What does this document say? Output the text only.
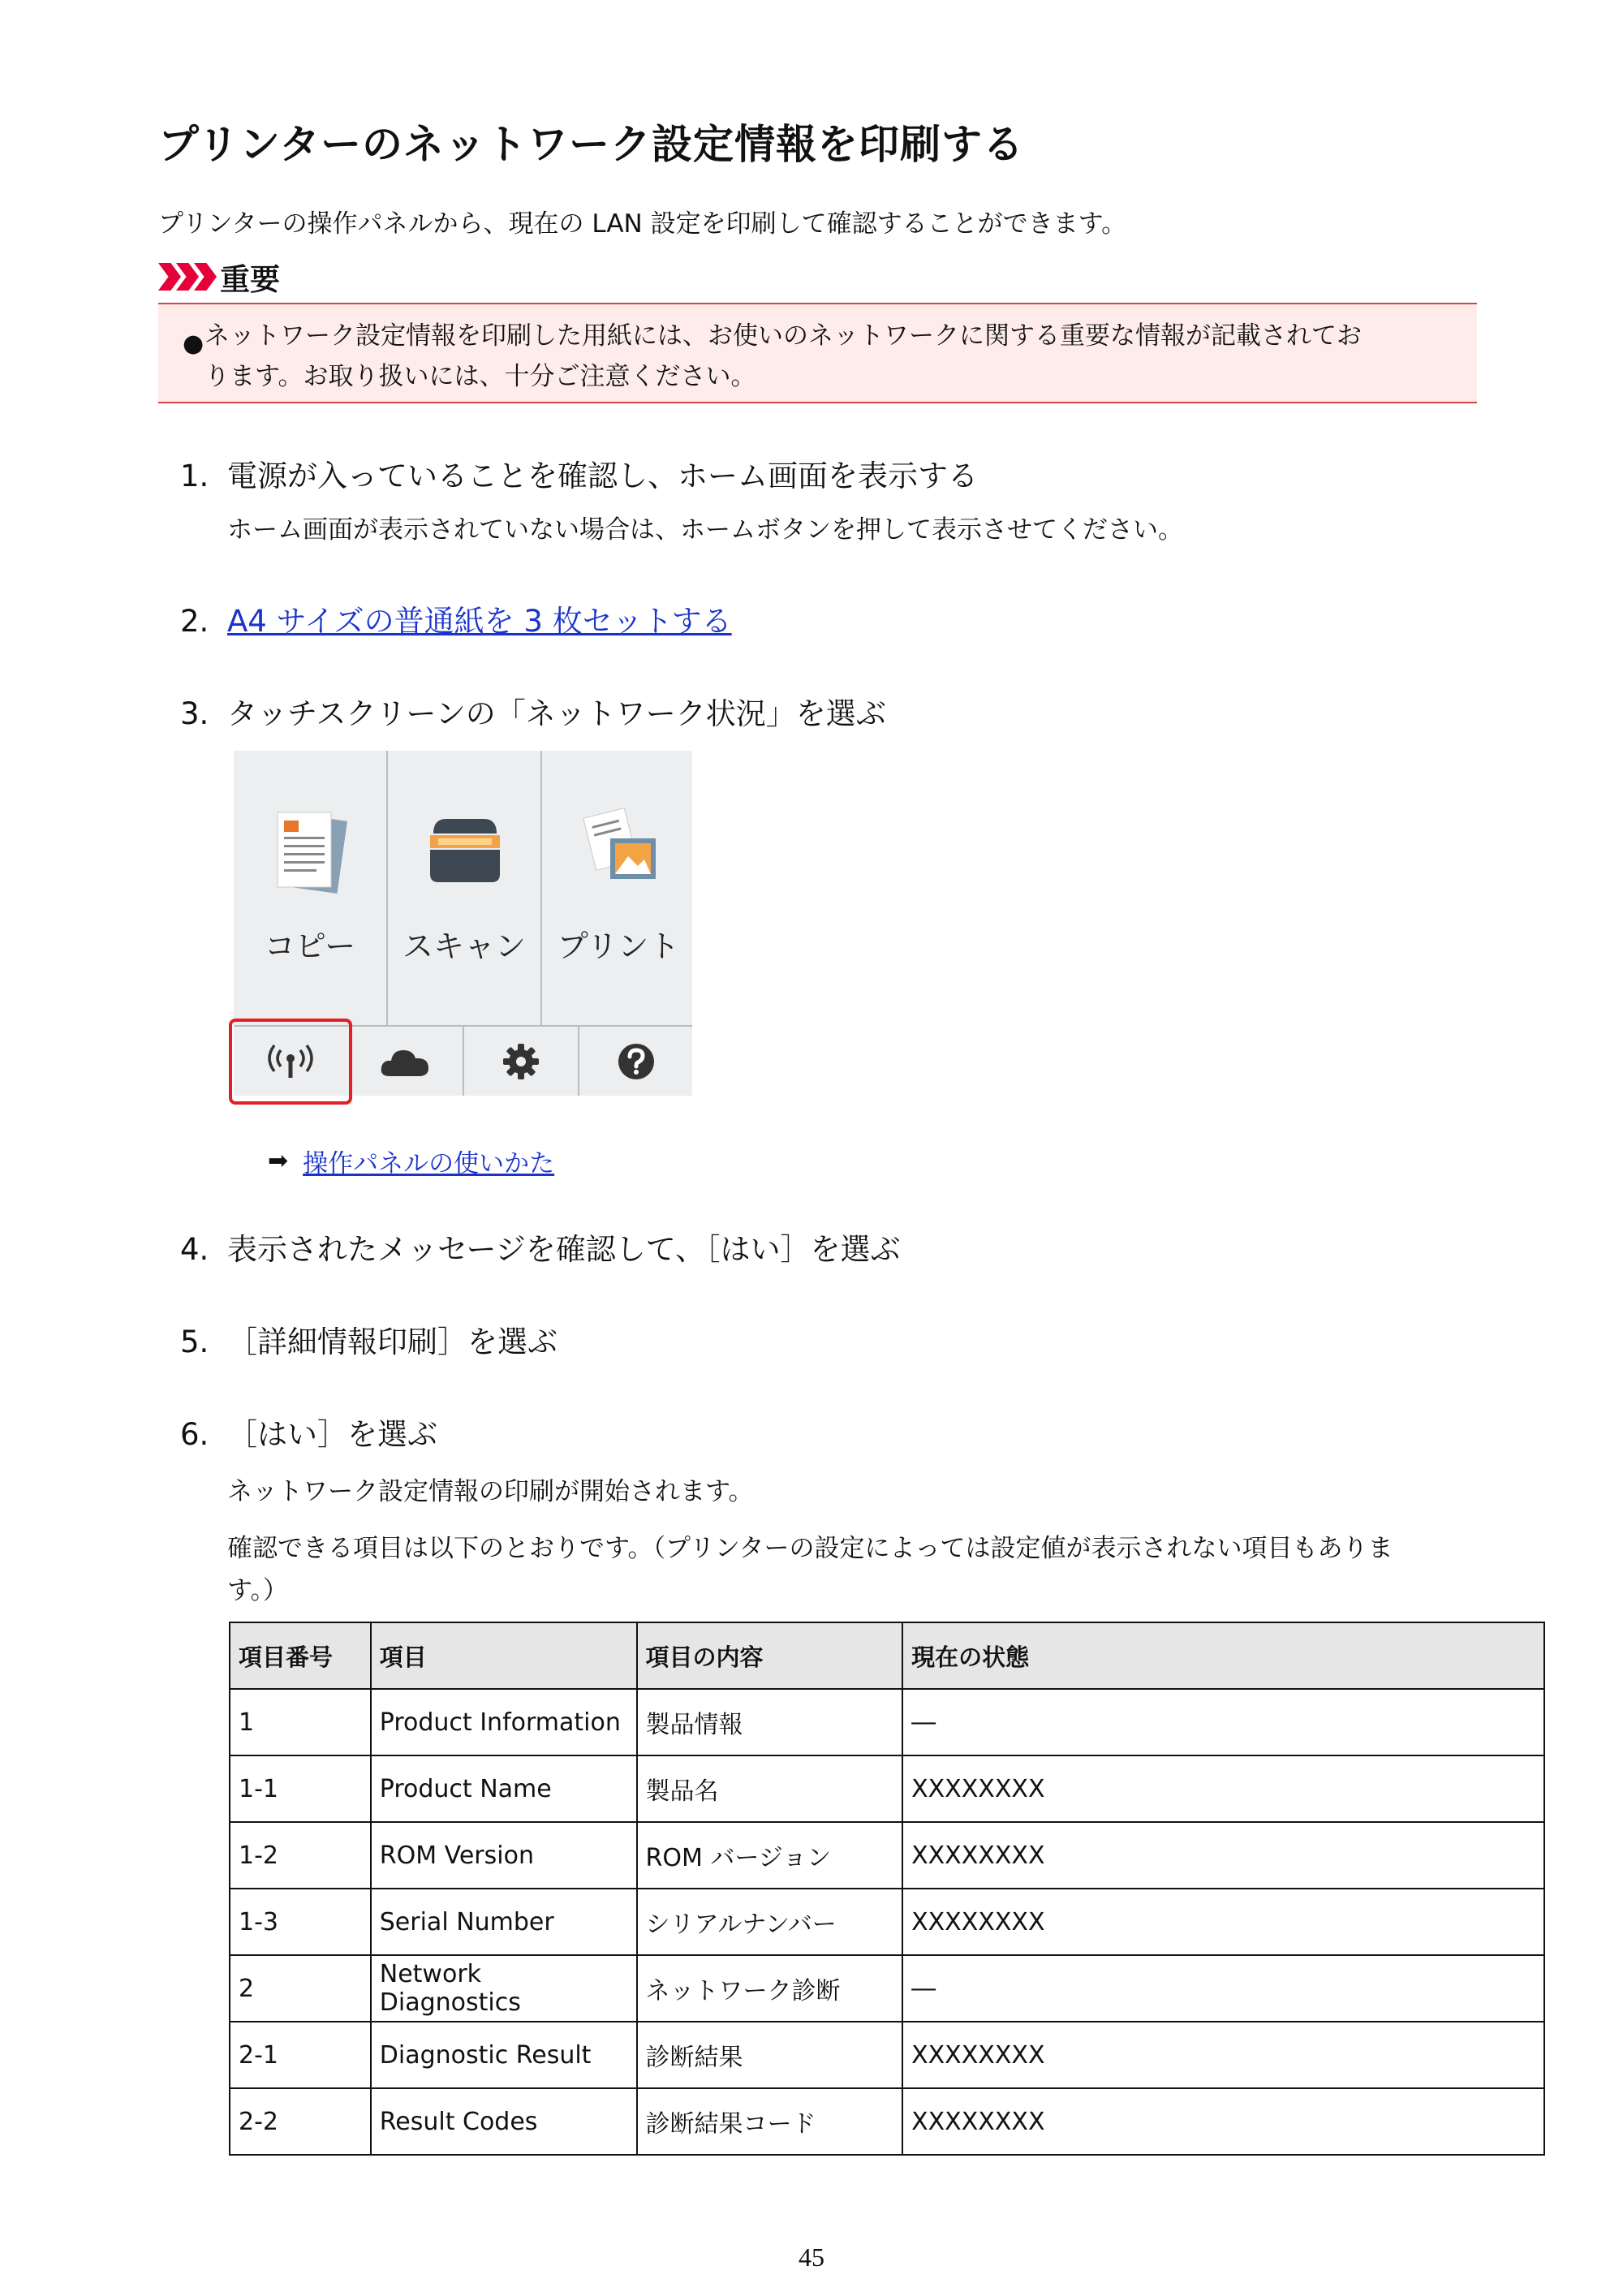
プリンターのネットワーク設定情報を印刷する
プリンターの操作パネルから、現在の LAN 設定を印刷して確認することができます。
重要
● ネットワーク設定情報を印刷した用紙には、お使いのネットワークに関する重要な情報が記載されてお
ります。お取り扱いには、十分ご注意ください。
1. 電源が入っていることを確認し、ホーム画面を表示する
ホーム画面が表示されていない場合は、ホームボタンを押して表示させてください。
2. A4 サイズの普通紙を 3 枚セットする
3. タッチスクリーンの「ネットワーク状況」を選ぶ
コピー	スキャン	プリント
➡ 操作パネルの使いかた
4. 表示されたメッセージを確認して、［はい］を選ぶ
5. ［詳細情報印刷］を選ぶ
6. ［はい］を選ぶ
ネットワーク設定情報の印刷が開始されます。
確認できる項目は以下のとおりです。（プリンターの設定によっては設定値が表示されない項目もありま
す。）
項目番号	項目	項目の内容	現在の状態
1	Product Information	製品情報	―
1-1	Product Name	製品名	XXXXXXXX
1-2	ROM Version	ROM バージョン	XXXXXXXX
1-3	Serial Number	シリアルナンバー	XXXXXXXX
2	Network Diagnostics	ネットワーク診断	―
2-1	Diagnostic Result	診断結果	XXXXXXXX
2-2	Result Codes	診断結果コード	XXXXXXXX
45
